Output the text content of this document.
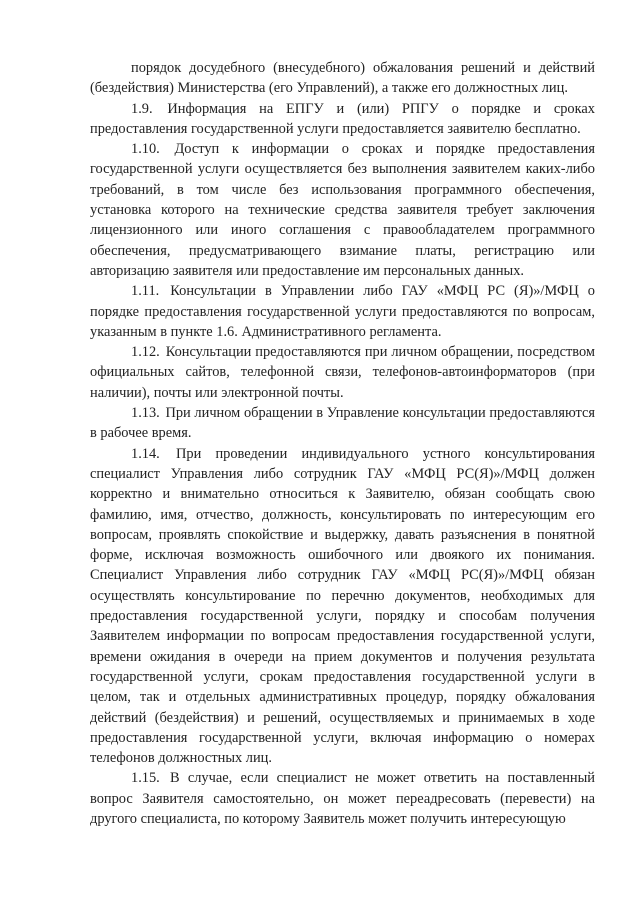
порядок досудебного (внесудебного) обжалования решений и действий (бездействия) Министерства (его Управлений), а также его должностных лиц.

1.9. Информация на ЕПГУ и (или) РПГУ о порядке и сроках предоставления государственной услуги предоставляется заявителю бесплатно.

1.10. Доступ к информации о сроках и порядке предоставления государственной услуги осуществляется без выполнения заявителем каких-либо требований, в том числе без использования программного обеспечения, установка которого на технические средства заявителя требует заключения лицензионного или иного соглашения с правообладателем программного обеспечения, предусматривающего взимание платы, регистрацию или авторизацию заявителя или предоставление им персональных данных.

1.11. Консультации в Управлении либо ГАУ «МФЦ РС (Я)»/МФЦ о порядке предоставления государственной услуги предоставляются по вопросам, указанным в пункте 1.6. Административного регламента.

1.12. Консультации предоставляются при личном обращении, посредством официальных сайтов, телефонной связи, телефонов-автоинформаторов (при наличии), почты или электронной почты.

1.13. При личном обращении в Управление консультации предоставляются в рабочее время.

1.14. При проведении индивидуального устного консультирования специалист Управления либо сотрудник ГАУ «МФЦ РС(Я)»/МФЦ должен корректно и внимательно относиться к Заявителю, обязан сообщать свою фамилию, имя, отчество, должность, консультировать по интересующим его вопросам, проявлять спокойствие и выдержку, давать разъяснения в понятной форме, исключая возможность ошибочного или двоякого их понимания. Специалист Управления либо сотрудник ГАУ «МФЦ РС(Я)»/МФЦ обязан осуществлять консультирование по перечню документов, необходимых для предоставления государственной услуги, порядку и способам получения Заявителем информации по вопросам предоставления государственной услуги, времени ожидания в очереди на прием документов и получения результата государственной услуги, срокам предоставления государственной услуги в целом, так и отдельных административных процедур, порядку обжалования действий (бездействия) и решений, осуществляемых и принимаемых в ходе предоставления государственной услуги, включая информацию о номерах телефонов должностных лиц.

1.15. В случае, если специалист не может ответить на поставленный вопрос Заявителя самостоятельно, он может переадресовать (перевести) на другого специалиста, по которому Заявитель может получить интересующую
